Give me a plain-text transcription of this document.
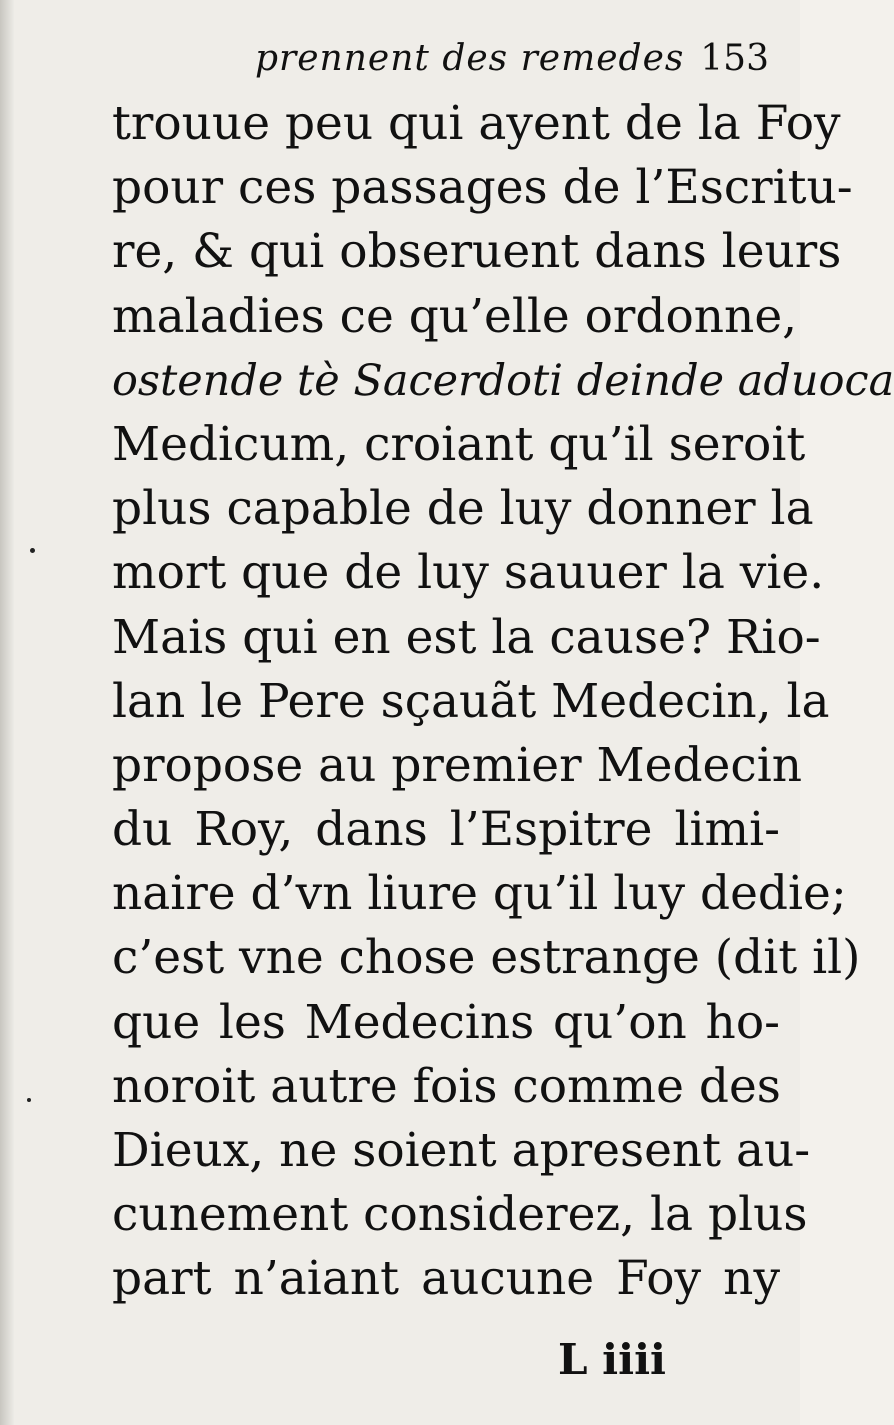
prennent des remedes 153
trouue peu qui ayent de la Foy
pour ces passages de l’Escritu-
re, & qui obseruent dans leurs
maladies ce qu’elle ordonne,
ostende tè Sacerdoti deinde aduoca
Medicum, croiant qu’il seroit
plus capable de luy donner la
mort que de luy sauuer la vie.
Mais qui en est la cause? Rio-
lan le Pere sçauãt Medecin, la
propose au premier Medecin
du Roy, dans l’Espitre limi-
naire d’vn liure qu’il luy dedie;
c’est vne chose estrange (dit il)
que les Medecins qu’on ho-
noroit autre fois comme des
Dieux, ne soient apresent au-
cunement considerez, la plus
part n’aiant aucune Foy ny
L iiii
